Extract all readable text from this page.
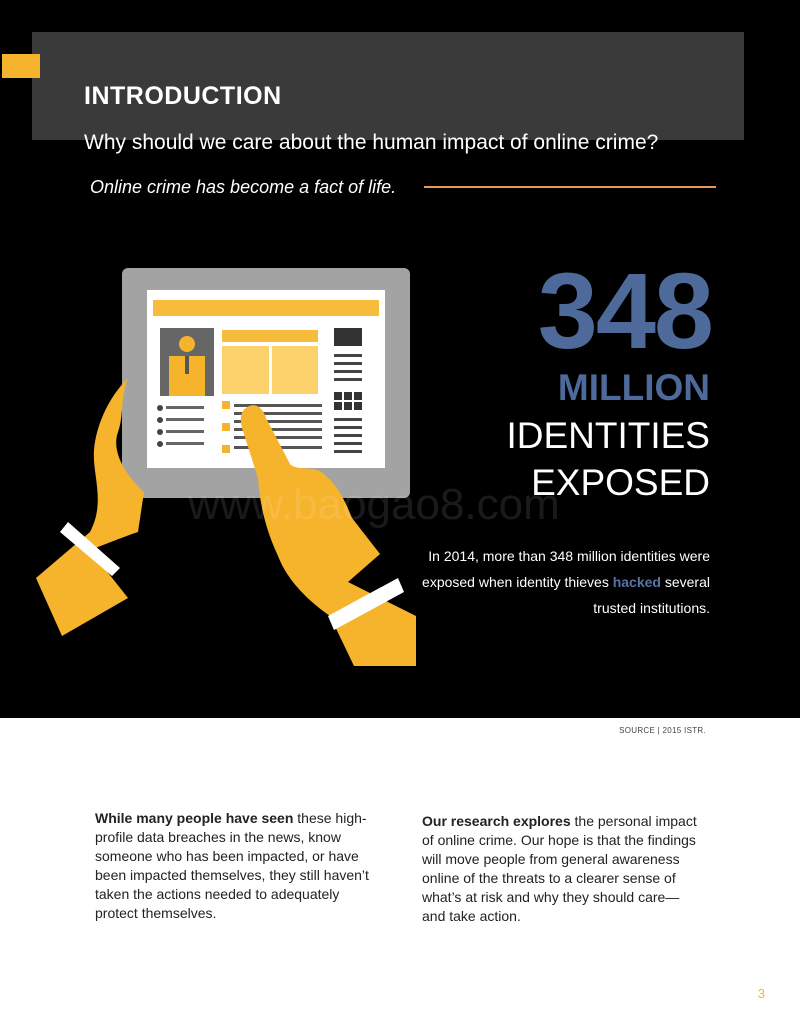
INTRODUCTION
Why should we care about the human impact of online crime?
Online crime has become a fact of life.
www.baogao8.com
348
MILLION
IDENTITIES
EXPOSED
In 2014, more than 348 million identities were exposed when identity thieves hacked several trusted institutions.
SOURCE | 2015 ISTR.
While many people have seen these high-profile data breaches in the news, know someone who has been impacted, or have been impacted themselves, they still haven’t taken the actions needed to adequately protect themselves.
Our research explores the personal impact of online crime. Our hope is that the findings will move people from general awareness online of the threats to a clearer sense of what’s at risk and why they should care—and take action.
3
